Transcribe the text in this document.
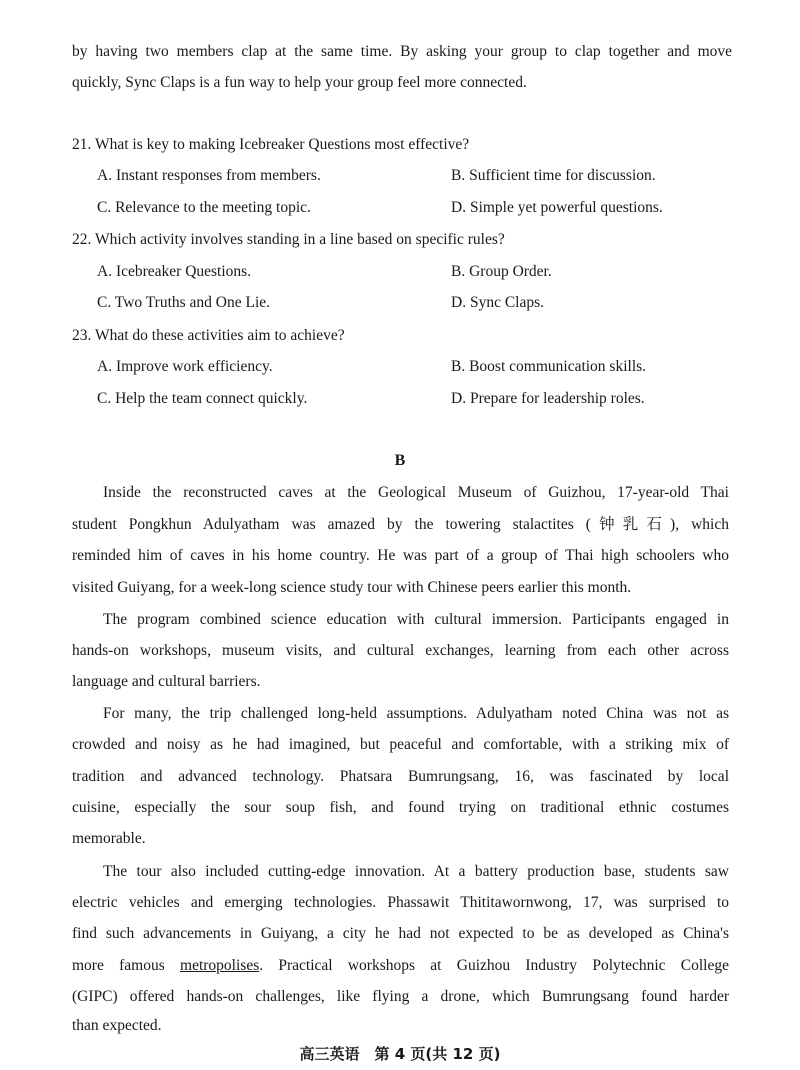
by having two members clap at the same time. By asking your group to clap together and move
quickly, Sync Claps is a fun way to help your group feel more connected.
21. What is key to making Icebreaker Questions most effective?
A. Instant responses from members.	B. Sufficient time for discussion.
C. Relevance to the meeting topic.	D. Simple yet powerful questions.
22. Which activity involves standing in a line based on specific rules?
A. Icebreaker Questions.	B. Group Order.
C. Two Truths and One Lie.	D. Sync Claps.
23. What do these activities aim to achieve?
A. Improve work efficiency.	B. Boost communication skills.
C. Help the team connect quickly.	D. Prepare for leadership roles.
B
Inside the reconstructed caves at the Geological Museum of Guizhou, 17-year-old Thai
student Pongkhun Adulyatham was amazed by the towering stalactites (钟乳石), which
reminded him of caves in his home country. He was part of a group of Thai high schoolers who
visited Guiyang, for a week-long science study tour with Chinese peers earlier this month.
The program combined science education with cultural immersion. Participants engaged in
hands-on workshops, museum visits, and cultural exchanges, learning from each other across
language and cultural barriers.
For many, the trip challenged long-held assumptions. Adulyatham noted China was not as
crowded and noisy as he had imagined, but peaceful and comfortable, with a striking mix of
tradition and advanced technology. Phatsara Bumrungsang, 16, was fascinated by local
cuisine, especially the sour soup fish, and found trying on traditional ethnic costumes
memorable.
The tour also included cutting-edge innovation. At a battery production base, students saw
electric vehicles and emerging technologies. Phassawit Thititawornwong, 17, was surprised to
find such advancements in Guiyang, a city he had not expected to be as developed as China's
more famous metropolises. Practical workshops at Guizhou Industry Polytechnic College
(GIPC) offered hands-on challenges, like flying a drone, which Bumrungsang found harder
than expected.
高三英语　第 4 页(共 12 页)
